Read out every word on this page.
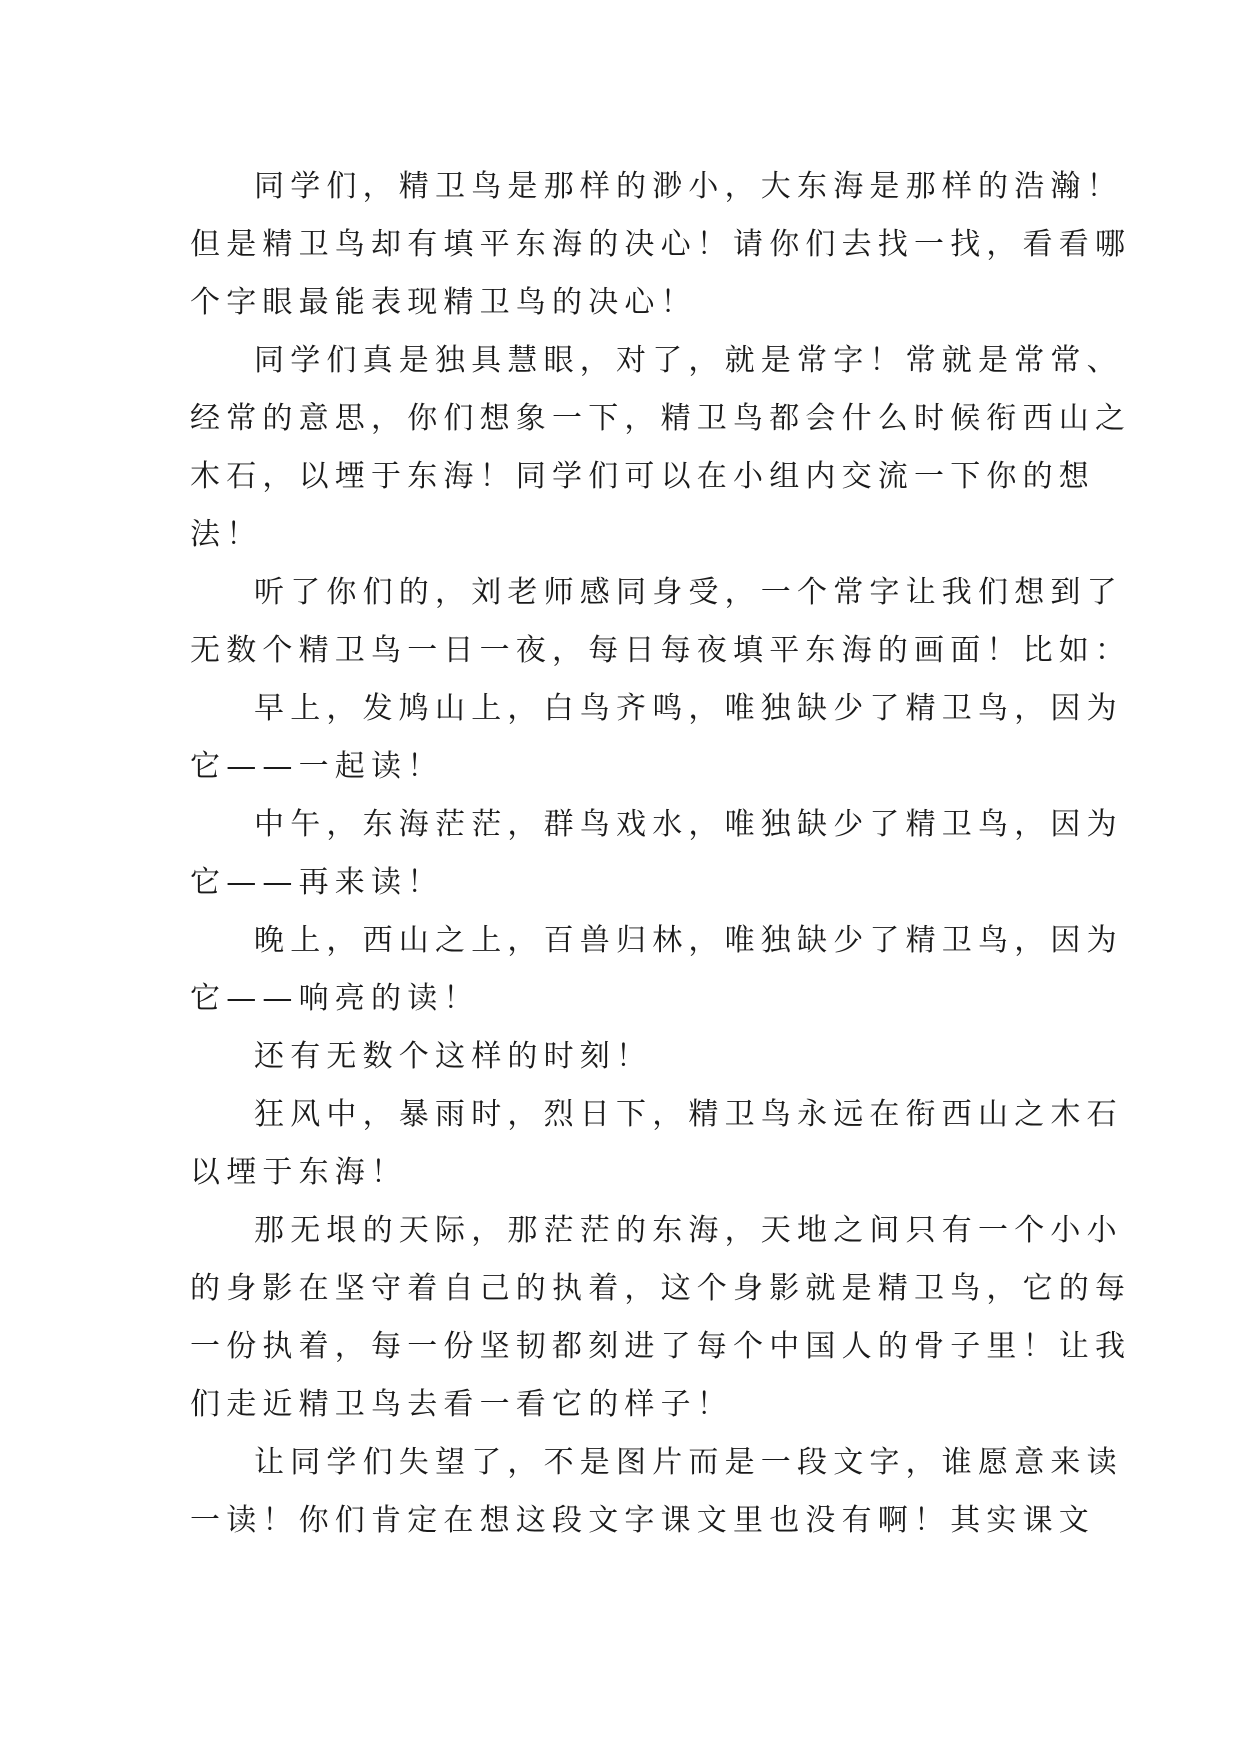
同学们，精卫鸟是那样的渺小，大东海是那样的浩瀚！
但是精卫鸟却有填平东海的决心！请你们去找一找，看看哪
个字眼最能表现精卫鸟的决心！
同学们真是独具慧眼，对了，就是常字！常就是常常、
经常的意思，你们想象一下，精卫鸟都会什么时候衔西山之
木石，以堙于东海！同学们可以在小组内交流一下你的想
法！
听了你们的，刘老师感同身受，一个常字让我们想到了
无数个精卫鸟一日一夜，每日每夜填平东海的画面！比如：
早上，发鸠山上，白鸟齐鸣，唯独缺少了精卫鸟，因为
它——一起读！
中午，东海茫茫，群鸟戏水，唯独缺少了精卫鸟，因为
它——再来读！
晚上，西山之上，百兽归林，唯独缺少了精卫鸟，因为
它——响亮的读！
还有无数个这样的时刻！
狂风中，暴雨时，烈日下，精卫鸟永远在衔西山之木石
以堙于东海！
那无垠的天际，那茫茫的东海，天地之间只有一个小小
的身影在坚守着自己的执着，这个身影就是精卫鸟，它的每
一份执着，每一份坚韧都刻进了每个中国人的骨子里！让我
们走近精卫鸟去看一看它的样子！
让同学们失望了，不是图片而是一段文字，谁愿意来读
一读！你们肯定在想这段文字课文里也没有啊！其实课文
